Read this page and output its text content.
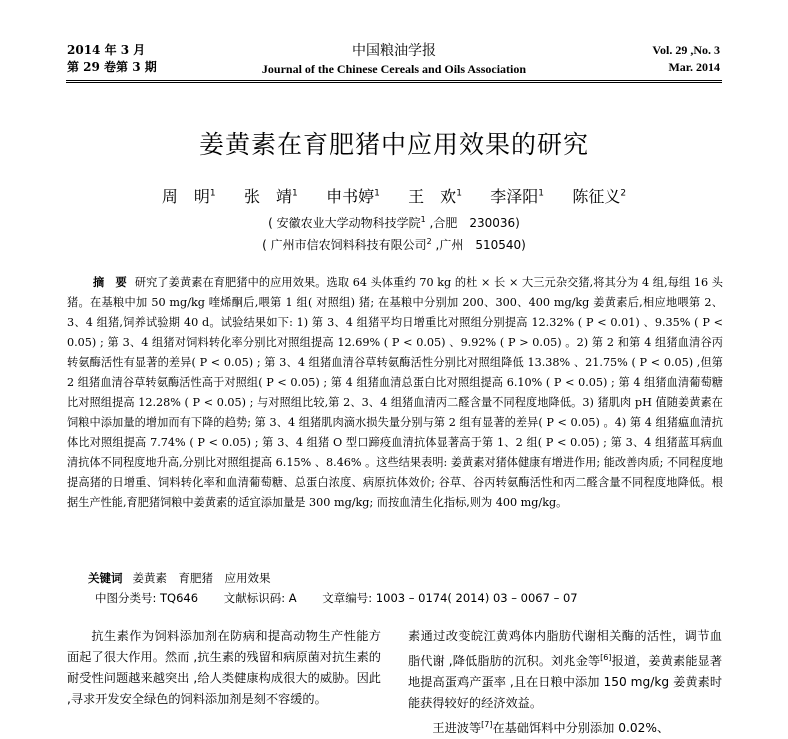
2014 年 3 月
第 29 卷第 3 期
中国粮油学报
Journal of the Chinese Cereals and Oils Association
Vol. 29 ,No. 3
Mar. 2014
姜黄素在育肥猪中应用效果的研究
周　明$^1$ 张　靖$^1$ 申书婷$^1$ 王　欢$^1$ 李泽阳$^1$ 陈征义$^2$
( 安徽农业大学动物科技学院$^1$ ,合肥　230036)
( 广州市信农饲料科技有限公司$^2$ ,广州　510540)
摘　要 研究了姜黄素在育肥猪中的应用效果。选取 64 头体重约 70 kg 的杜 × 长 × 大三元杂交猪,将其分为 4 组,每组 16 头猪。在基粮中加 50 mg/kg 喹烯酮后,喂第 1 组( 对照组) 猪; 在基粮中分别加 200、300、400 mg/kg 姜黄素后,相应地喂第 2、3、4 组猪,饲养试验期 40 d。试验结果如下: 1) 第 3、4 组猪平均日增重比对照组分别提高 12.32% ( P < 0.01) 、9.35% ( P < 0.05) ; 第 3、4 组猪对饲料转化率分别比对照组提高 12.69% ( P < 0.05) 、9.92% ( P > 0.05) 。2) 第 2 和第 4 组猪血清谷丙转氨酶活性有显著的差异( P < 0.05) ; 第 3、4 组猪血清谷草转氨酶活性分别比对照组降低 13.38% 、21.75% ( P < 0.05) ,但第 2 组猪血清谷草转氨酶活性高于对照组( P < 0.05) ; 第 4 组猪血清总蛋白比对照组提高 6.10% ( P < 0.05) ; 第 4 组猪血清葡萄糖比对照组提高 12.28% ( P < 0.05) ; 与对照组比较,第 2、3、4 组猪血清丙二醛含量不同程度地降低。3) 猪肌肉 pH 值随姜黄素在饲粮中添加量的增加而有下降的趋势; 第 3、4 组猪肌肉滴水损失量分别与第 2 组有显著的差异( P < 0.05) 。4) 第 4 组猪瘟血清抗体比对照组提高 7.74% ( P < 0.05) ; 第 3、4 组猪 O 型口蹄疫血清抗体显著高于第 1、2 组( P < 0.05) ; 第 3、4 组猪蓝耳病血清抗体不同程度地升高,分别比对照组提高 6.15% 、8.46% 。这些结果表明: 姜黄素对猪体健康有增进作用; 能改善肉质; 不同程度地提高猪的日增重、饲料转化率和血清葡萄糖、总蛋白浓度、病原抗体效价; 谷草、谷丙转氨酶活性和丙二醛含量不同程度地降低。根据生产性能,育肥猪饲粮中姜黄素的适宜添加量是 300 mg/kg; 而按血清生化指标,则为 400 mg/kg。
关键词 姜黄素　育肥猪　应用效果
中图分类号: TQ646 文献标识码: A 文章编号: 1003 – 0174( 2014) 03 – 0067 – 07

抗生素作为饲料添加剂在防病和提高动物生产性能方面起了很大作用。然而 ,抗生素的残留和病原菌对抗生素的耐受性问题越来越突出 ,给人类健康构成很大的威胁。因此 ,寻求开发安全绿色的饲料添加剂是刻不容缓的。

素通过改变皖江黄鸡体内脂肪代谢相关酶的活性，调节血脂代谢 ,降低脂肪的沉积。刘兆金等[6]报道，姜黄素能显著地提高蛋鸡产蛋率 ,且在日粮中添加 150 mg/kg 姜黄素时能获得较好的经济效益。

王进波等[7]在基础饵料中分别添加 0.02%、
